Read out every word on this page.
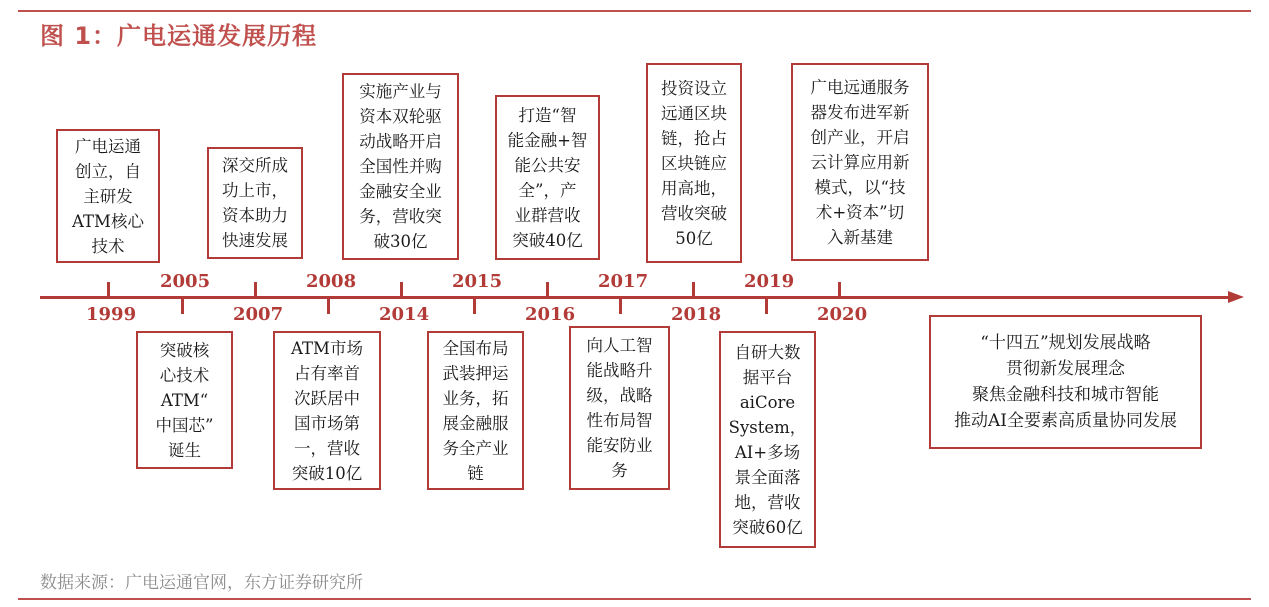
图 1：广电运通发展历程
1999
2005
2007
2008
2014
2015
2016
2017
2018
2019
2020
广电运通
创立，自
主研发
ATM核心
技术
深交所成
功上市，
资本助力
快速发展
实施产业与
资本双轮驱
动战略开启
全国性并购
金融安全业
务，营收突
破30亿
打造“智
能金融+智
能公共安
全”，产
业群营收
突破40亿
投资设立
远通区块
链，抢占
区块链应
用高地，
营收突破
50亿
广电远通服务
器发布进军新
创产业，开启
云计算应用新
模式，以“技
术+资本”切
入新基建
突破核
心技术
ATM“
中国芯”
诞生
ATM市场
占有率首
次跃居中
国市场第
一，营收
突破10亿
全国布局
武装押运
业务，拓
展金融服
务全产业
链
向人工智
能战略升
级，战略
性布局智
能安防业
务
自研大数
据平台
aiCore
System，
AI+多场
景全面落
地，营收
突破60亿
“十四五”规划发展战略
贯彻新发展理念
聚焦金融科技和城市智能
推动AI全要素高质量协同发展
数据来源：广电运通官网，东方证券研究所
